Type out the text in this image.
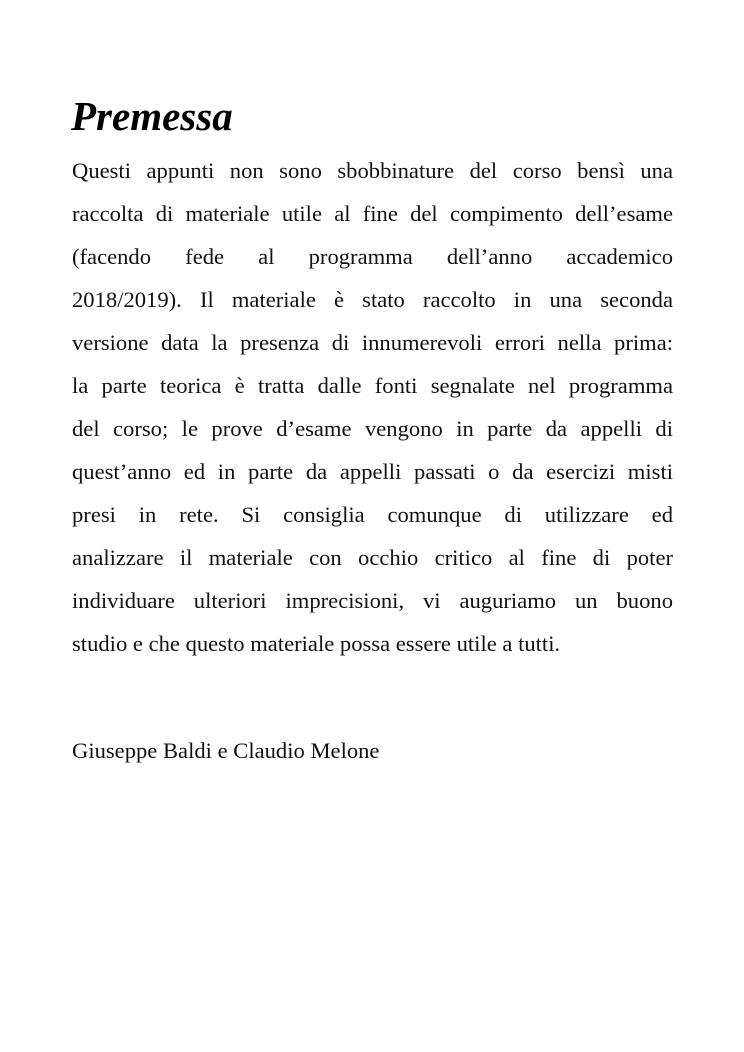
Premessa
Questi appunti non sono sbobbinature del corso bensì una
raccolta di materiale utile al fine del compimento dell’esame
(facendo fede al programma dell’anno accademico
2018/2019). Il materiale è stato raccolto in una seconda
versione data la presenza di innumerevoli errori nella prima:
la parte teorica è tratta dalle fonti segnalate nel programma
del corso; le prove d’esame vengono in parte da appelli di
quest’anno ed in parte da appelli passati o da esercizi misti
presi in rete. Si consiglia comunque di utilizzare ed
analizzare il materiale con occhio critico al fine di poter
individuare ulteriori imprecisioni, vi auguriamo un buono
studio e che questo materiale possa essere utile a tutti.

Giuseppe Baldi e Claudio Melone
